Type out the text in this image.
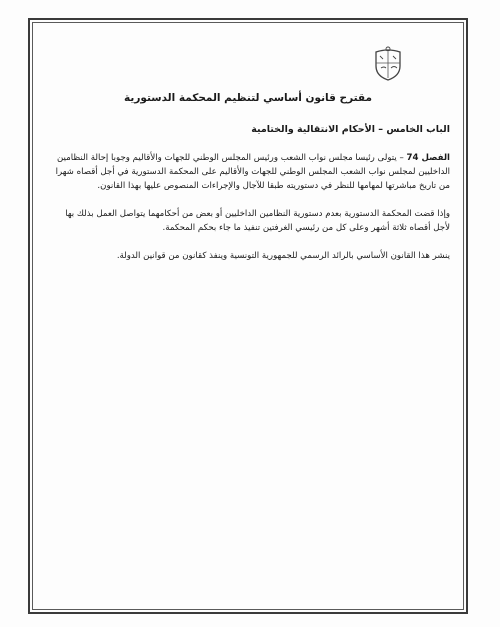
مقترح قانون أساسي لتنظيم المحكمة الدستورية

الباب الخامس – الأحكام الانتقالية والختامية

الفصل 74 – يتولى رئيسا مجلس نواب الشعب ورئيس المجلس الوطني للجهات والأقاليم وجوبا إحالة النظامين الداخليين لمجلس نواب الشعب المجلس الوطني للجهات والأقاليم على المحكمة الدستورية في أجل أقصاه شهرا من تاريخ مباشرتها لمهامها للنظر في دستوريته طبقا للآجال والإجراءات المنصوص عليها بهذا القانون.

وإذا قضت المحكمة الدستورية بعدم دستورية النظامين الداخليين أو بعض من أحكامهما يتواصل العمل بذلك بها لأجل أقصاه ثلاثة أشهر وعلى كل من رئيسي الغرفتين تنفيذ ما جاء بحكم المحكمة.

ينشر هذا القانون الأساسي بالرائد الرسمي للجمهورية التونسية وينفذ كقانون من قوانين الدولة.
